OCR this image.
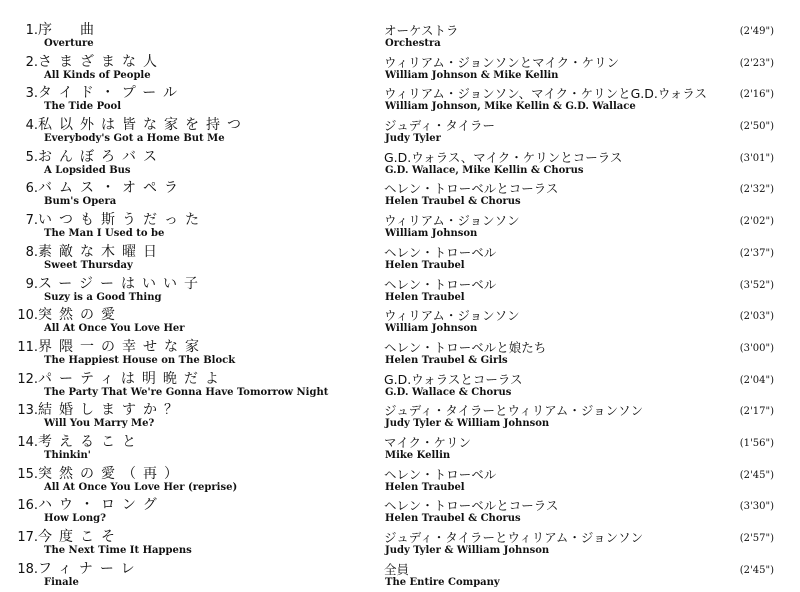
1. 序　曲
Overture
オーケストラ
Orchestra
(2'49")
2. さまざまな人
All Kinds of People
ウィリアム・ジョンソンとマイク・ケリン
William Johnson & Mike Kellin
(2'23")
3. タイド・プール
The Tide Pool
ウィリアム・ジョンソン、マイク・ケリンとG.D.ウォラス
William Johnson, Mike Kellin & G.D. Wallace
(2'16")
4. 私以外は皆な家を持つ
Everybody's Got a Home But Me
ジュディ・タイラー
Judy Tyler
(2'50")
5. おんぼろバス
A Lopsided Bus
G.D.ウォラス、マイク・ケリンとコーラス
G.D. Wallace, Mike Kellin & Chorus
(3'01")
6. バムス・オペラ
Bum's Opera
ヘレン・トローベルとコーラス
Helen Traubel & Chorus
(2'32")
7. いつも斯うだった
The Man I Used to be
ウィリアム・ジョンソン
William Johnson
(2'02")
8. 素敵な木曜日
Sweet Thursday
ヘレン・トローベル
Helen Traubel
(2'37")
9. スージーはいい子
Suzy is a Good Thing
ヘレン・トローベル
Helen Traubel
(3'52")
10. 突然の愛
All At Once You Love Her
ウィリアム・ジョンソン
William Johnson
(2'03")
11. 界隈一の幸せな家
The Happiest House on The Block
ヘレン・トローベルと娘たち
Helen Traubel & Girls
(3'00")
12. パーティは明晩だよ
The Party That We're Gonna Have Tomorrow Night
G.D.ウォラスとコーラス
G.D. Wallace & Chorus
(2'04")
13. 結婚しますか？
Will You Marry Me?
ジュディ・タイラーとウィリアム・ジョンソン
Judy Tyler & William Johnson
(2'17")
14. 考えること
Thinkin'
マイク・ケリン
Mike Kellin
(1'56")
15. 突然の愛（再）
All At Once You Love Her (reprise)
ヘレン・トローベル
Helen Traubel
(2'45")
16. ハウ・ロング
How Long?
ヘレン・トローベルとコーラス
Helen Traubel & Chorus
(3'30")
17. 今度こそ
The Next Time It Happens
ジュディ・タイラーとウィリアム・ジョンソン
Judy Tyler & William Johnson
(2'57")
18. フィナーレ
Finale
全員
The Entire Company
(2'45")
